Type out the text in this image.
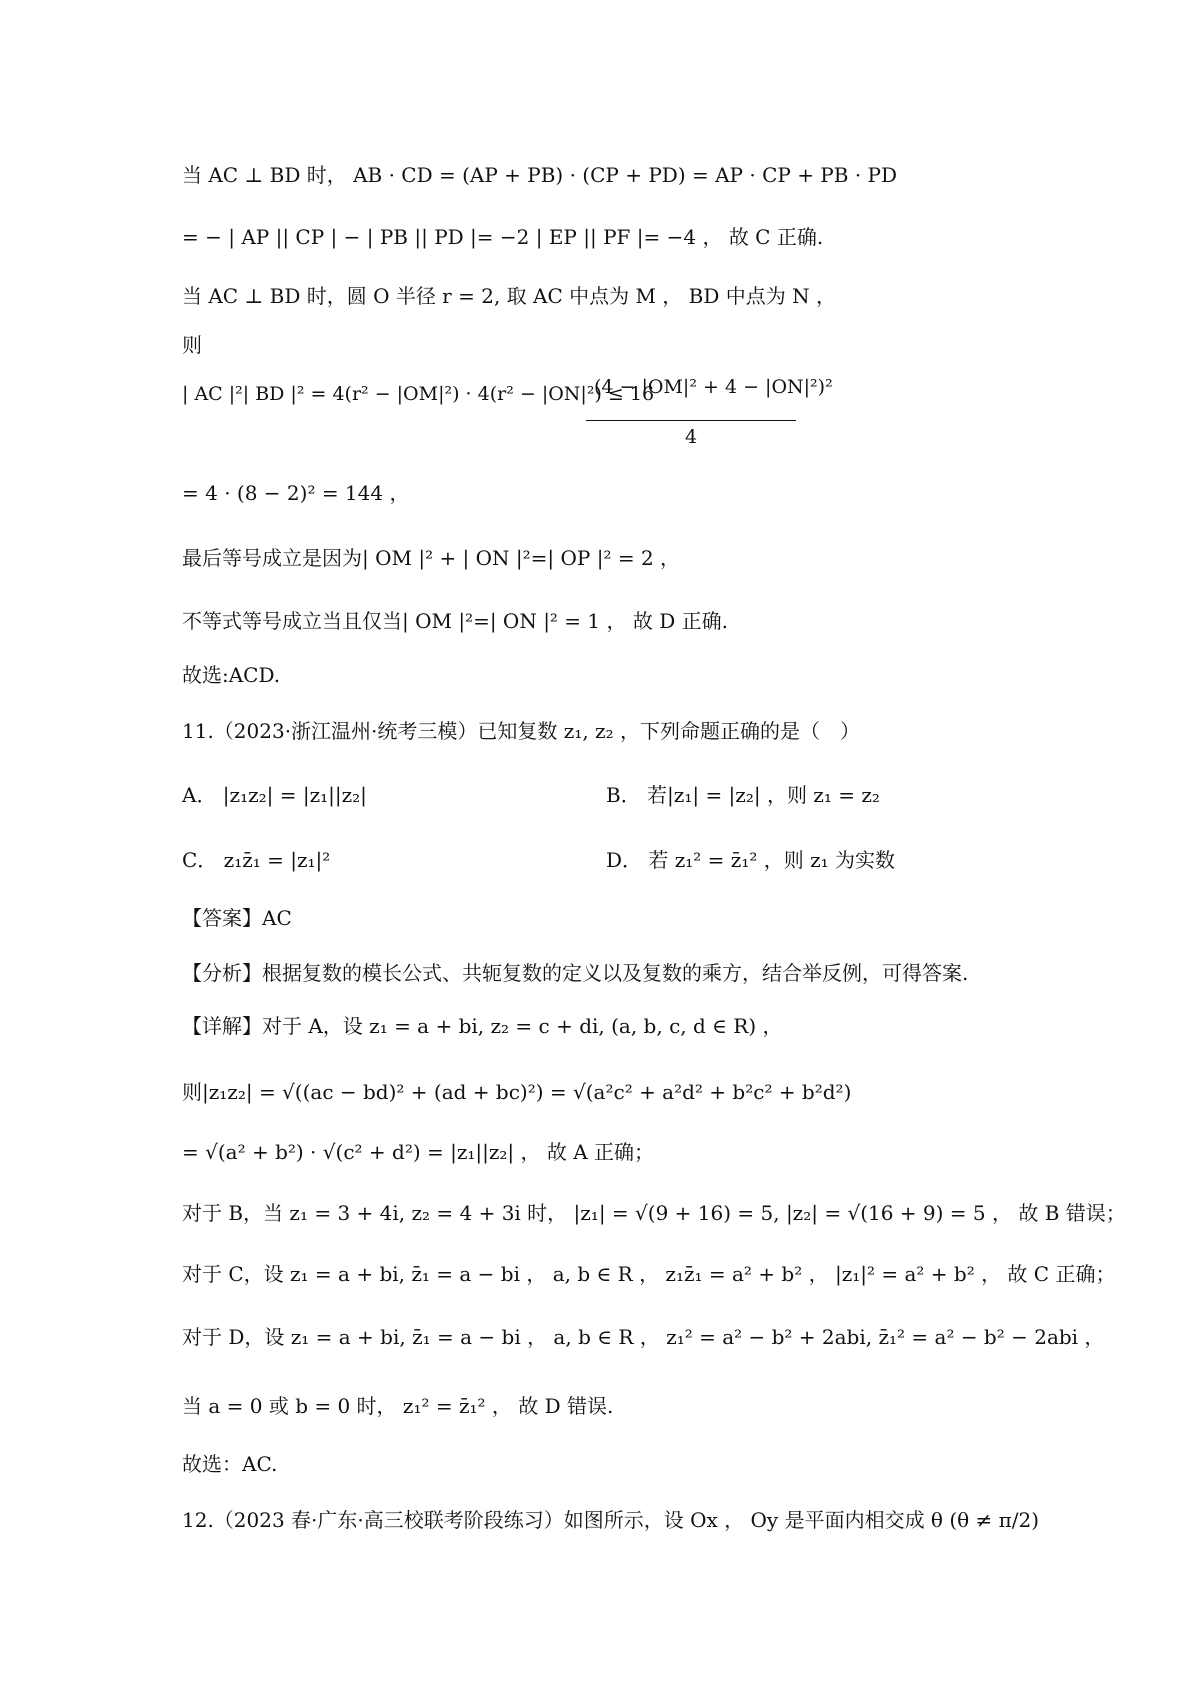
当 AC ⊥ BD 时， AB · CD = (AP + PB) · (CP + PD) = AP · CP + PB · PD
= − | AP || CP | − | PB || PD |= −2 | EP || PF |= −4 ， 故 C 正确.
当 AC ⊥ BD 时，圆 O 半径 r = 2, 取 AC 中点为 M ， BD 中点为 N ，
则
| AC |²| BD |² = 4(r² − |OM|²) · 4(r² − |ON|²) ≤ 16
(4 − |OM|² + 4 − |ON|²)²
4
= 4 · (8 − 2)² = 144 ，
最后等号成立是因为| OM |² + | ON |²=| OP |² = 2 ，
不等式等号成立当且仅当| OM |²=| ON |² = 1 ， 故 D 正确.
故选:ACD.
11.（2023·浙江温州·统考三模）已知复数 z₁, z₂ ，下列命题正确的是（　）
A． |z₁z₂| = |z₁||z₂|	B． 若|z₁| = |z₂| ，则 z₁ = z₂
C． z₁z̄₁ = |z₁|²	D． 若 z₁² = z̄₁² ，则 z₁ 为实数
【答案】AC
【分析】根据复数的模长公式、共轭复数的定义以及复数的乘方，结合举反例，可得答案.
【详解】对于 A，设 z₁ = a + bi, z₂ = c + di, (a, b, c, d ∈ R) ，
则|z₁z₂| = √((ac − bd)² + (ad + bc)²) = √(a²c² + a²d² + b²c² + b²d²)
= √(a² + b²) · √(c² + d²) = |z₁||z₂| ， 故 A 正确；
对于 B，当 z₁ = 3 + 4i, z₂ = 4 + 3i 时， |z₁| = √(9 + 16) = 5, |z₂| = √(16 + 9) = 5 ， 故 B 错误；
对于 C，设 z₁ = a + bi, z̄₁ = a − bi ， a, b ∈ R ， z₁z̄₁ = a² + b² ， |z₁|² = a² + b² ， 故 C 正确；
对于 D，设 z₁ = a + bi, z̄₁ = a − bi ， a, b ∈ R ， z₁² = a² − b² + 2abi, z̄₁² = a² − b² − 2abi ，
当 a = 0 或 b = 0 时， z₁² = z̄₁² ， 故 D 错误.
故选：AC.
12.（2023 春·广东·高三校联考阶段练习）如图所示，设 Ox ， Oy 是平面内相交成 θ (θ ≠ π/2)
